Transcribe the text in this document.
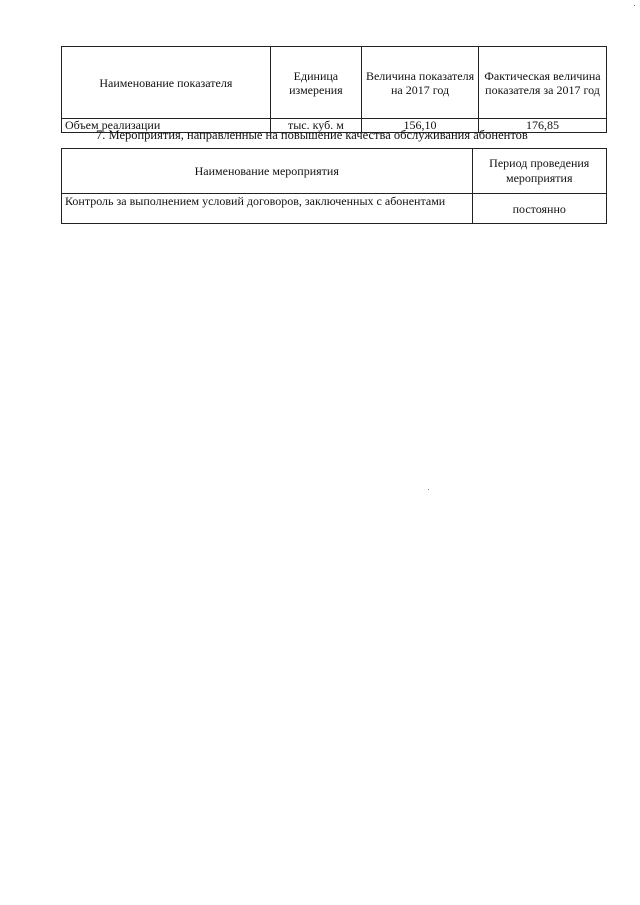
Наименование показателя	Единица измерения	Величина показателя на 2017 год	Фактическая величина показателя за 2017 год
Объем реализации	тыс. куб. м	156,10	176,85
7. Мероприятия, направленные на повышение качества обслуживания абонентов
Наименование мероприятия	Период проведения мероприятия
Контроль за выполнением условий договоров, заключенных с абонентами	постоянно
